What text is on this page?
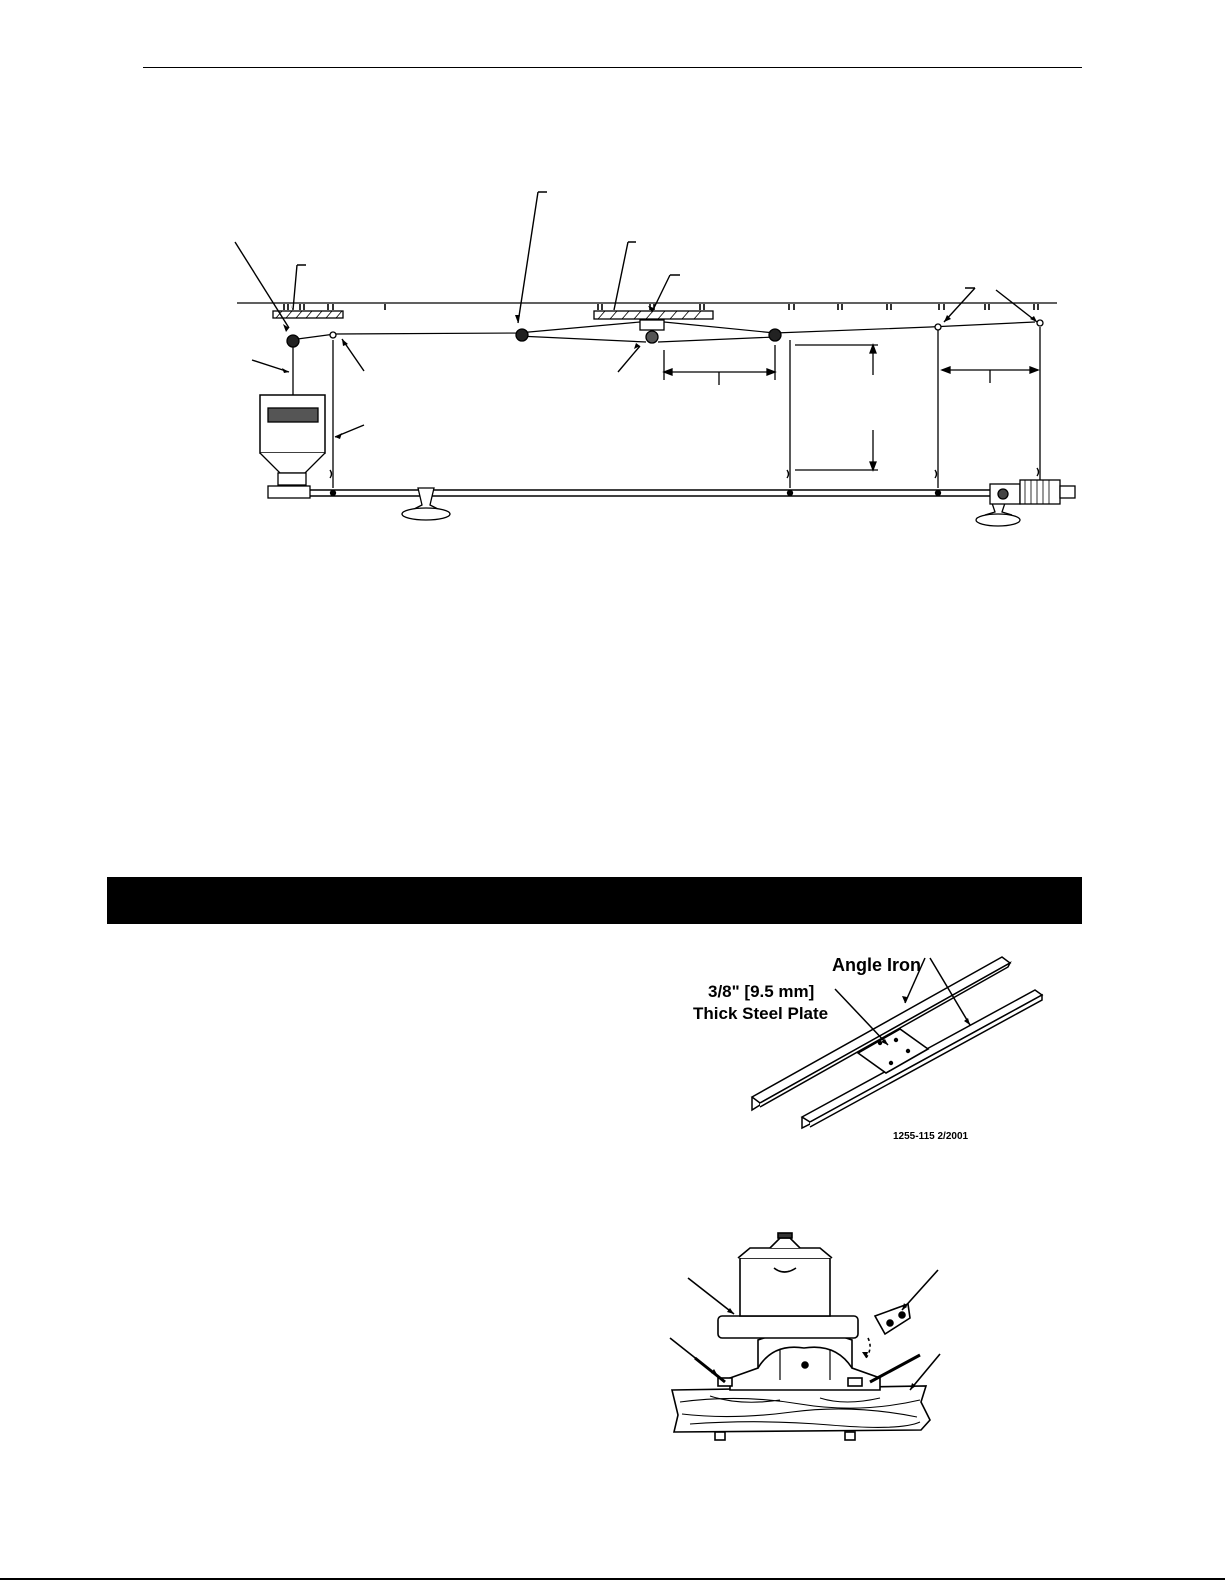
Angle Iron
3/8" [9.5 mm]
Thick Steel Plate
1255-115 2/2001
